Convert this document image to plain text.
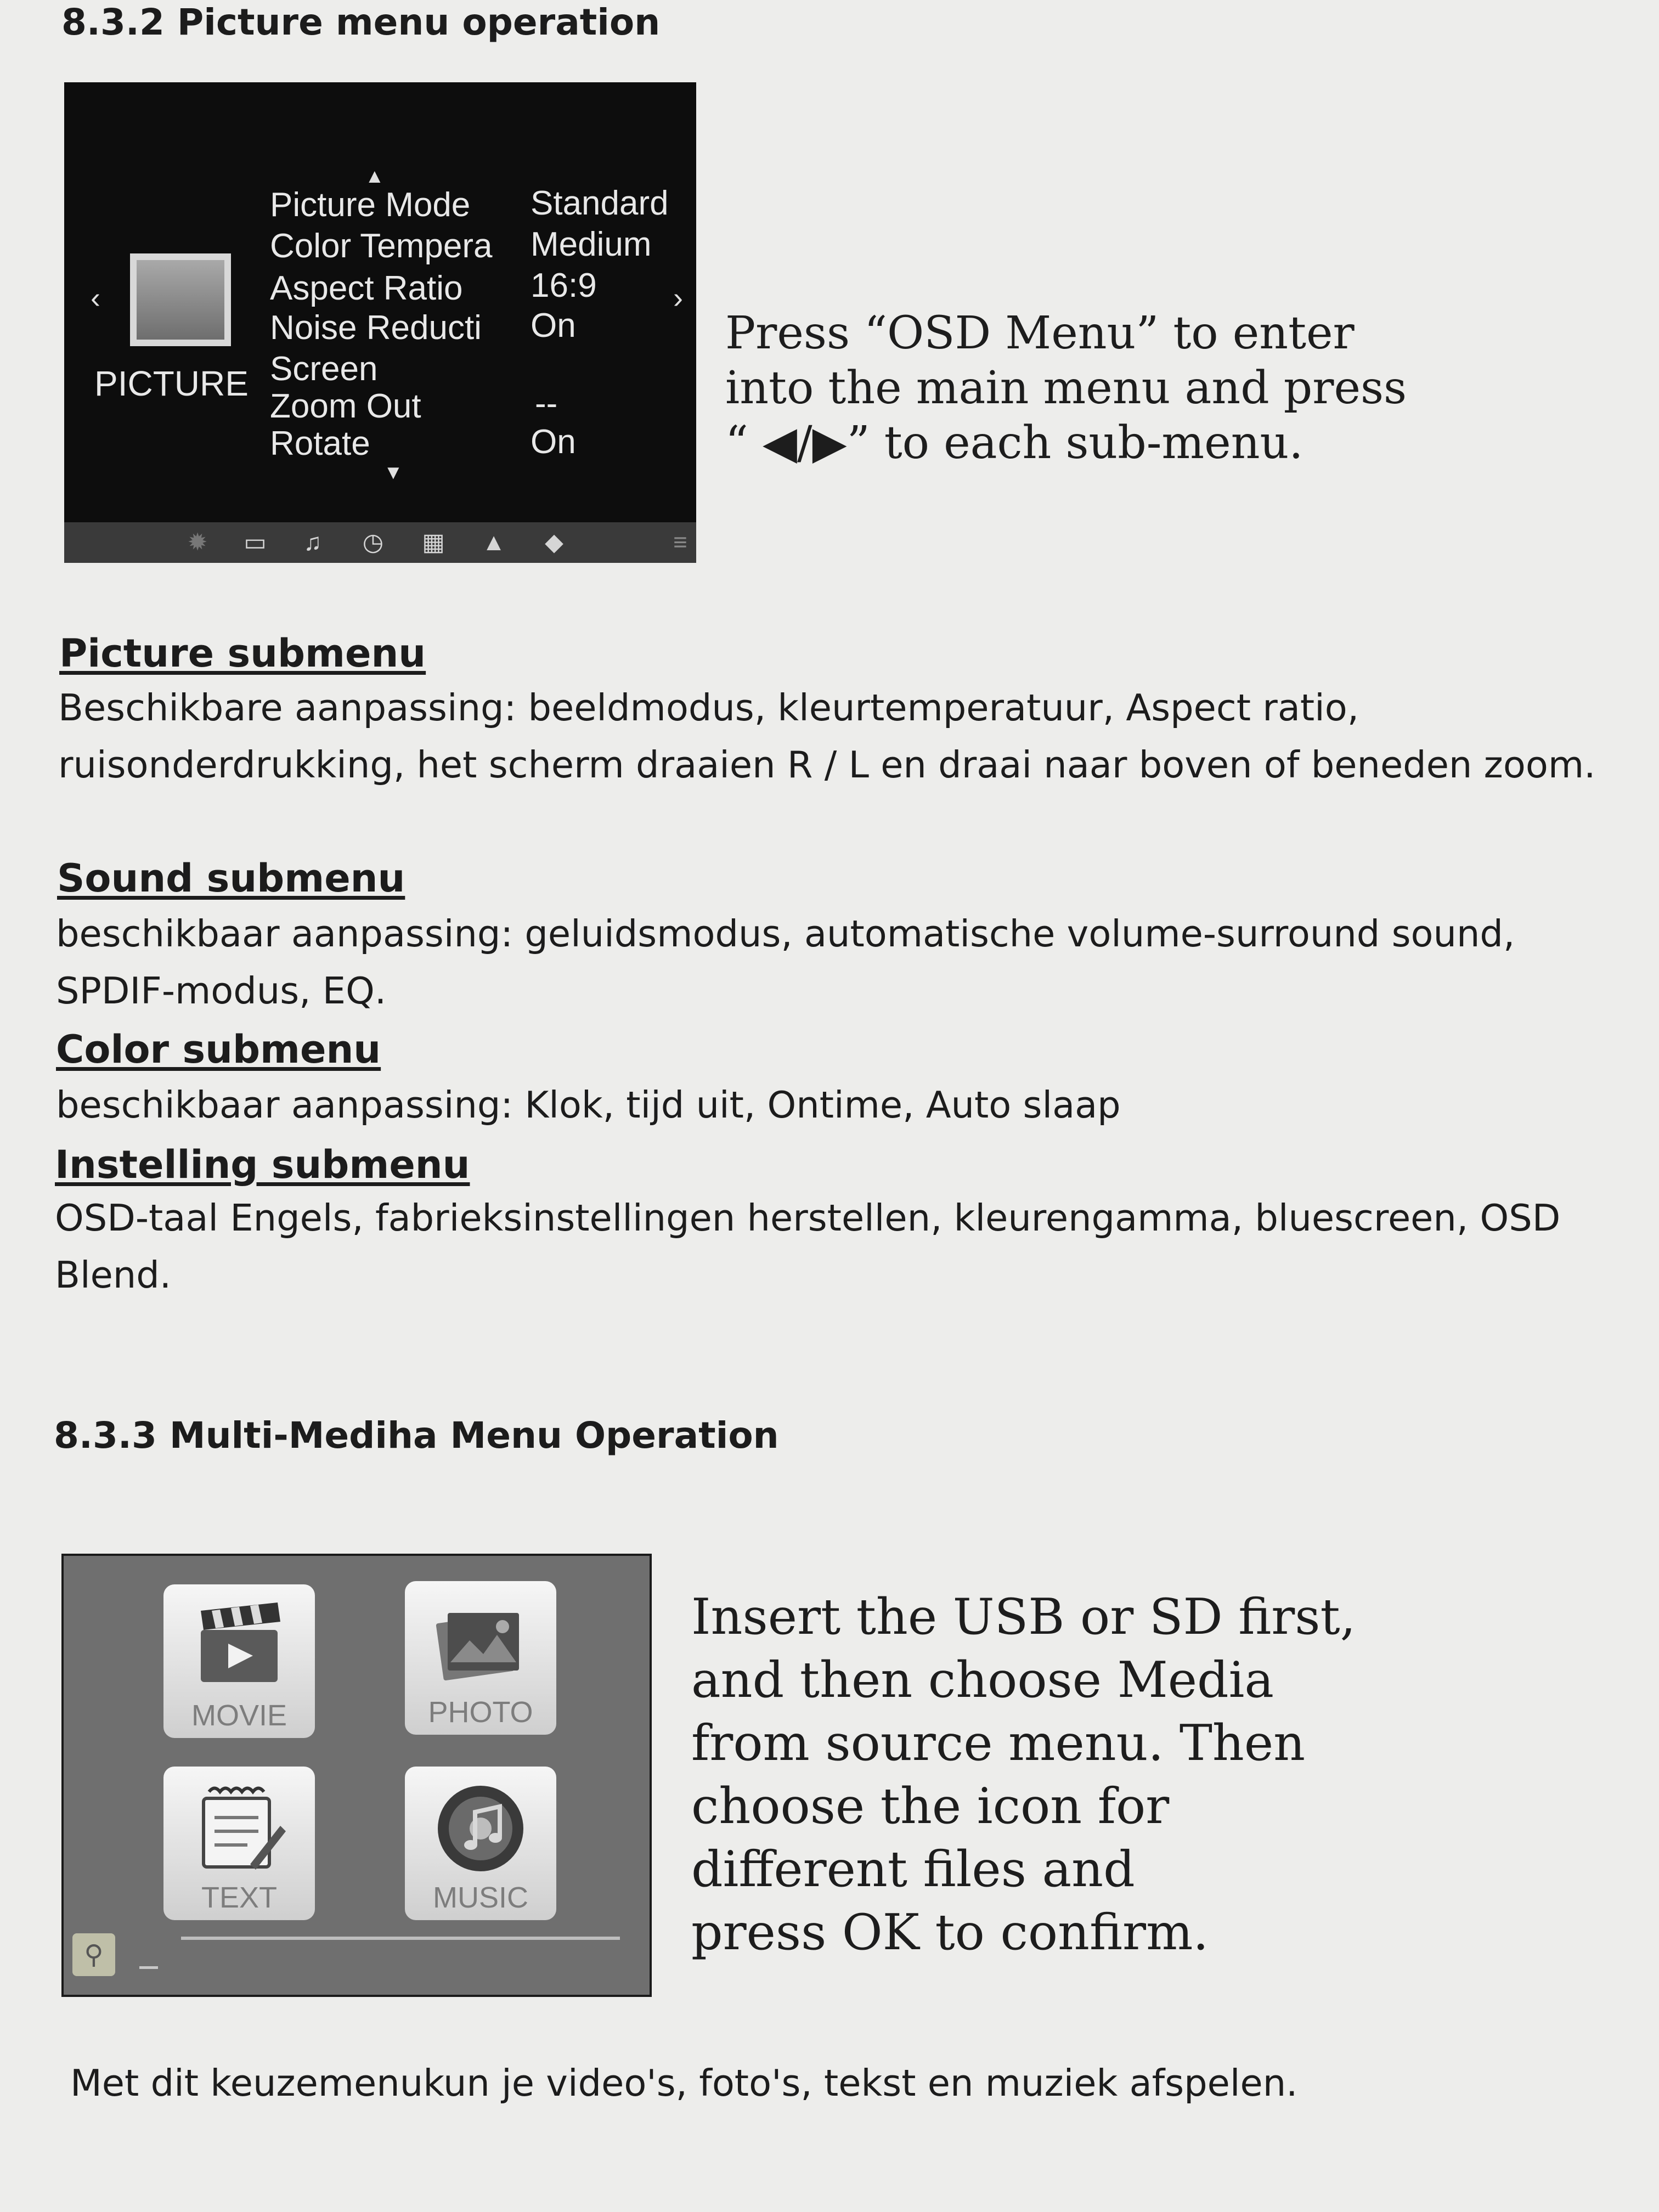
8.3.2 Picture menu operation
▲
Picture Mode Standard
Color Tempera Medium
Aspect Ratio 16:9
Noise Reducti On
Screen
Zoom Out	--
Rotate	On
▼
‹	›
PICTURE
✹ ▭ ♫ ◷ ▦ ▲ ◆	≡
Press “OSD Menu” to enter
into the main menu and press
“ ◀/▶” to each sub-menu.
Picture submenu
Beschikbare aanpassing: beeldmodus, kleurtemperatuur, Aspect ratio, ruisonderdrukking, het scherm draaien R / L en draai naar boven of beneden zoom.
Sound submenu
beschikbaar aanpassing: geluidsmodus, automatische volume-surround sound, SPDIF-modus, EQ.
Color submenu
beschikbaar aanpassing: Klok, tijd uit, Ontime, Auto slaap
Instelling submenu
OSD-taal Engels, fabrieksinstellingen herstellen, kleurengamma, bluescreen, OSD Blend.
8.3.3 Multi-Mediha Menu Operation
MOVIE	PHOTO
TEXT	MUSIC
⚲
Insert the USB or SD first,
and then choose Media
from source menu. Then
choose the icon for
different files and
press OK to confirm.
Met dit keuzemenukun je video's, foto's, tekst en muziek afspelen.
